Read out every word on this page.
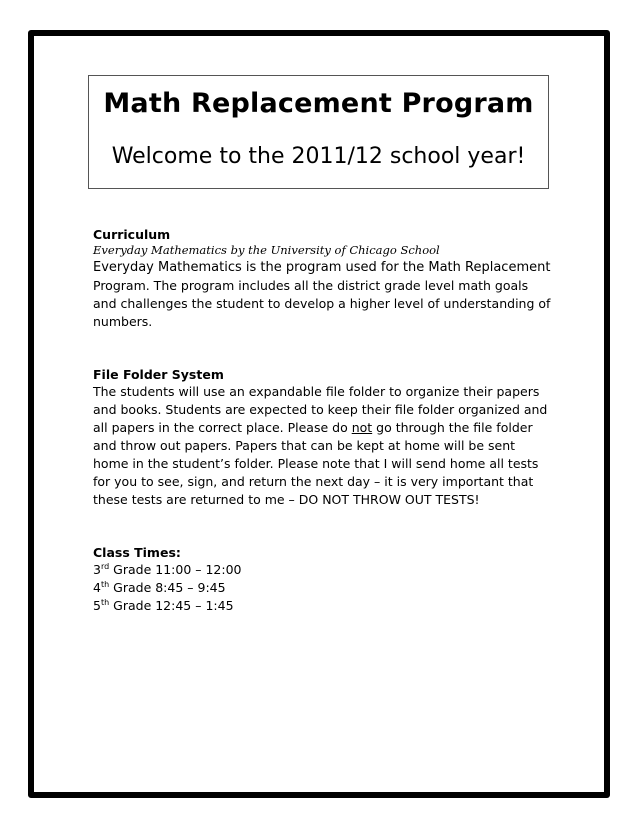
Math Replacement Program
Welcome to the 2011/12 school year!

Curriculum

Everyday Mathematics by the University of Chicago School

Everyday Mathematics is the program used for the Math Replacement

Program. The program includes all the district grade level math goals and challenges the student to develop a higher level of understanding of numbers.

File Folder System

The students will use an expandable file folder to organize their papers and books. Students are expected to keep their file folder organized and all papers in the correct place. Please do not go through the file folder and throw out papers. Papers that can be kept at home will be sent home in the student’s folder. Please note that I will send home all tests for you to see, sign, and return the next day – it is very important that these tests are returned to me – DO NOT THROW OUT TESTS!

Class Times:

3rd Grade 11:00 – 12:00

4th Grade 8:45 – 9:45

5th Grade 12:45 – 1:45
